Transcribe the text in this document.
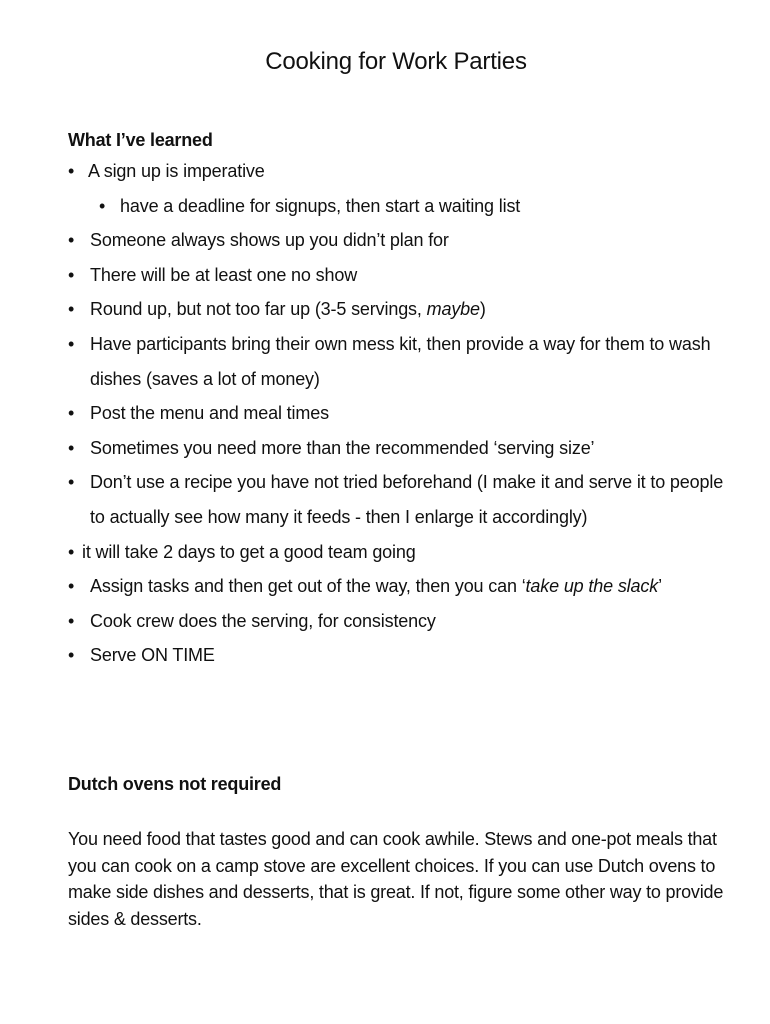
Cooking for Work Parties
What I’ve learned
• A sign up is imperative
• have a deadline for signups, then start a waiting list
• Someone always shows up you didn’t plan for
• There will be at least one no show
• Round up, but not too far up (3-5 servings, maybe)
• Have participants bring their own mess kit, then provide a way for them to wash dishes (saves a lot of money)
• Post the menu and meal times
• Sometimes you need more than the recommended ‘serving size’
• Don’t use a recipe you have not tried beforehand (I make it and serve it to people to actually see how many it feeds - then I enlarge it accordingly)
• it will take 2 days to get a good team going
• Assign tasks and then get out of the way, then you can ‘take up the slack’
• Cook crew does the serving, for consistency
• Serve ON TIME
Dutch ovens not required

You need food that tastes good and can cook awhile. Stews and one-pot meals that you can cook on a camp stove are excellent choices. If you can use Dutch ovens to make side dishes and desserts, that is great. If not, figure some other way to provide sides & desserts.
